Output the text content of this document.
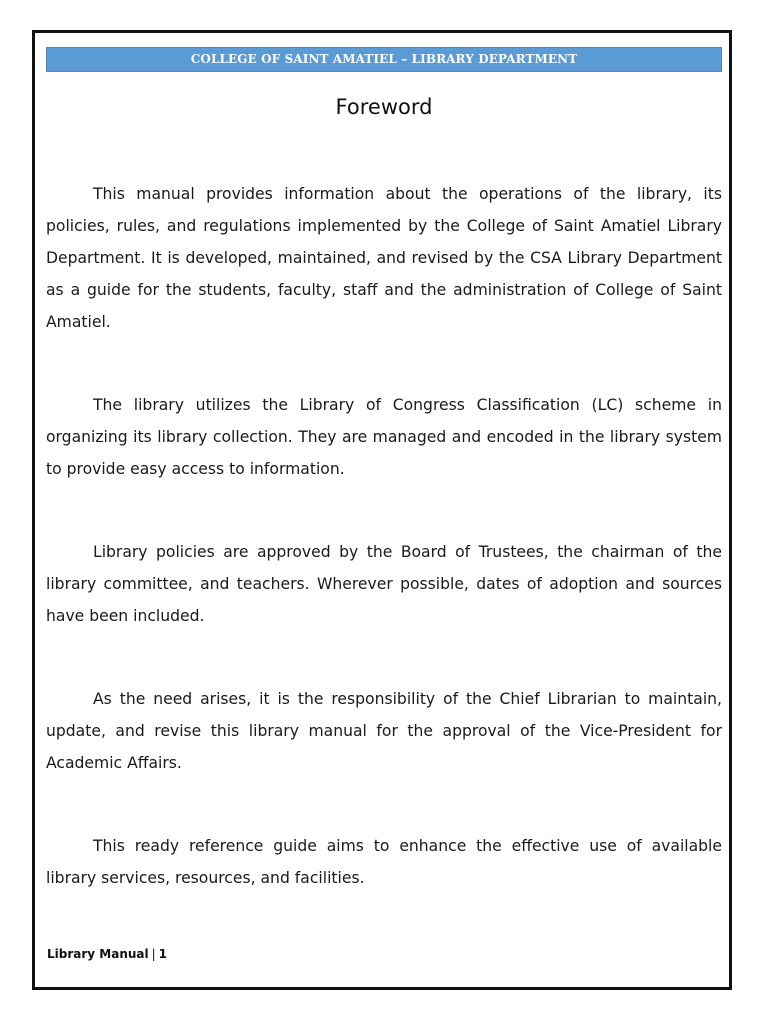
COLLEGE OF SAINT AMATIEL – LIBRARY DEPARTMENT
Foreword

This manual provides information about the operations of the library, its policies, rules, and regulations implemented by the College of Saint Amatiel Library Department. It is developed, maintained, and revised by the CSA Library Department as a guide for the students, faculty, staff and the administration of College of Saint Amatiel.

The library utilizes the Library of Congress Classification (LC) scheme in organizing its library collection. They are managed and encoded in the library system to provide easy access to information.

Library policies are approved by the Board of Trustees, the chairman of the library committee, and teachers. Wherever possible, dates of adoption and sources have been included.

As the need arises, it is the responsibility of the Chief Librarian to maintain, update, and revise this library manual for the approval of the Vice-President for Academic Affairs.

This ready reference guide aims to enhance the effective use of available library services, resources, and facilities.

Library Manual | 1
